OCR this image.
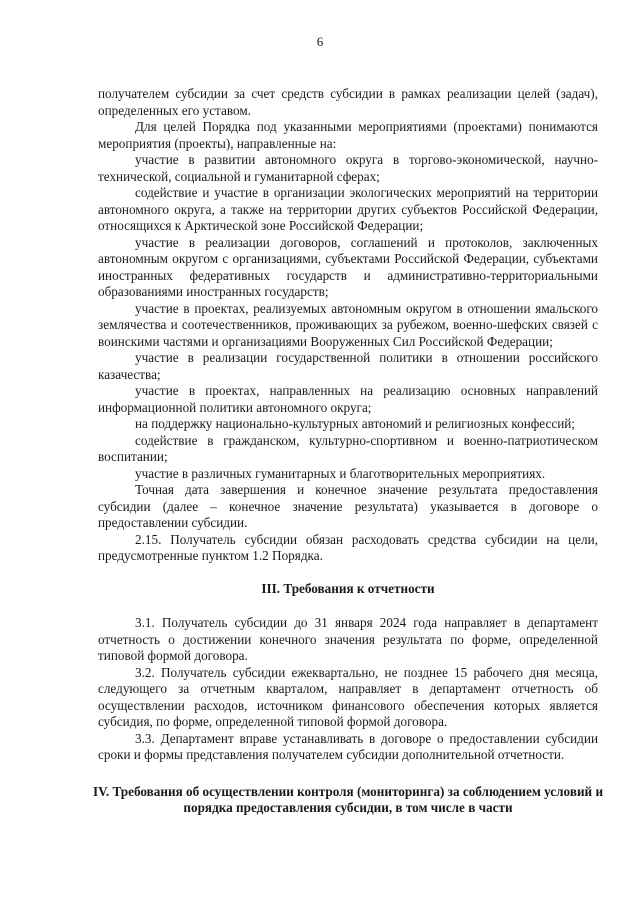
6

получателем субсидии за счет средств субсидии в рамках реализации целей (задач), определенных его уставом.

Для целей Порядка под указанными мероприятиями (проектами) понимаются мероприятия (проекты), направленные на:

участие в развитии автономного округа в торгово-экономической, научно-технической, социальной и гуманитарной сферах;

содействие и участие в организации экологических мероприятий на территории автономного округа, а также на территории других субъектов Российской Федерации, относящихся к Арктической зоне Российской Федерации;

участие в реализации договоров, соглашений и протоколов, заключенных автономным округом с организациями, субъектами Российской Федерации, субъектами иностранных федеративных государств и административно-территориальными образованиями иностранных государств;

участие в проектах, реализуемых автономным округом в отношении ямальского землячества и соотечественников, проживающих за рубежом, военно-шефских связей с воинскими частями и организациями Вооруженных Сил Российской Федерации;

участие в реализации государственной политики в отношении российского казачества;

участие в проектах, направленных на реализацию основных направлений информационной политики автономного округа;

на поддержку национально-культурных автономий и религиозных конфессий;

содействие в гражданском, культурно-спортивном и военно-патриотическом воспитании;

участие в различных гуманитарных и благотворительных мероприятиях.

Точная дата завершения и конечное значение результата предоставления субсидии (далее – конечное значение результата) указывается в договоре о предоставлении субсидии.

2.15. Получатель субсидии обязан расходовать средства субсидии на цели, предусмотренные пунктом 1.2 Порядка.

III. Требования к отчетности

3.1. Получатель субсидии до 31 января 2024 года направляет в департамент отчетность о достижении конечного значения результата по форме, определенной типовой формой договора.

3.2. Получатель субсидии ежеквартально, не позднее 15 рабочего дня месяца, следующего за отчетным кварталом, направляет в департамент отчетность об осуществлении расходов, источником финансового обеспечения которых является субсидия, по форме, определенной типовой формой договора.

3.3. Департамент вправе устанавливать в договоре о предоставлении субсидии сроки и формы представления получателем субсидии дополнительной отчетности.

IV. Требования об осуществлении контроля (мониторинга) за соблюдением условий и порядка предоставления субсидии, в том числе в части
